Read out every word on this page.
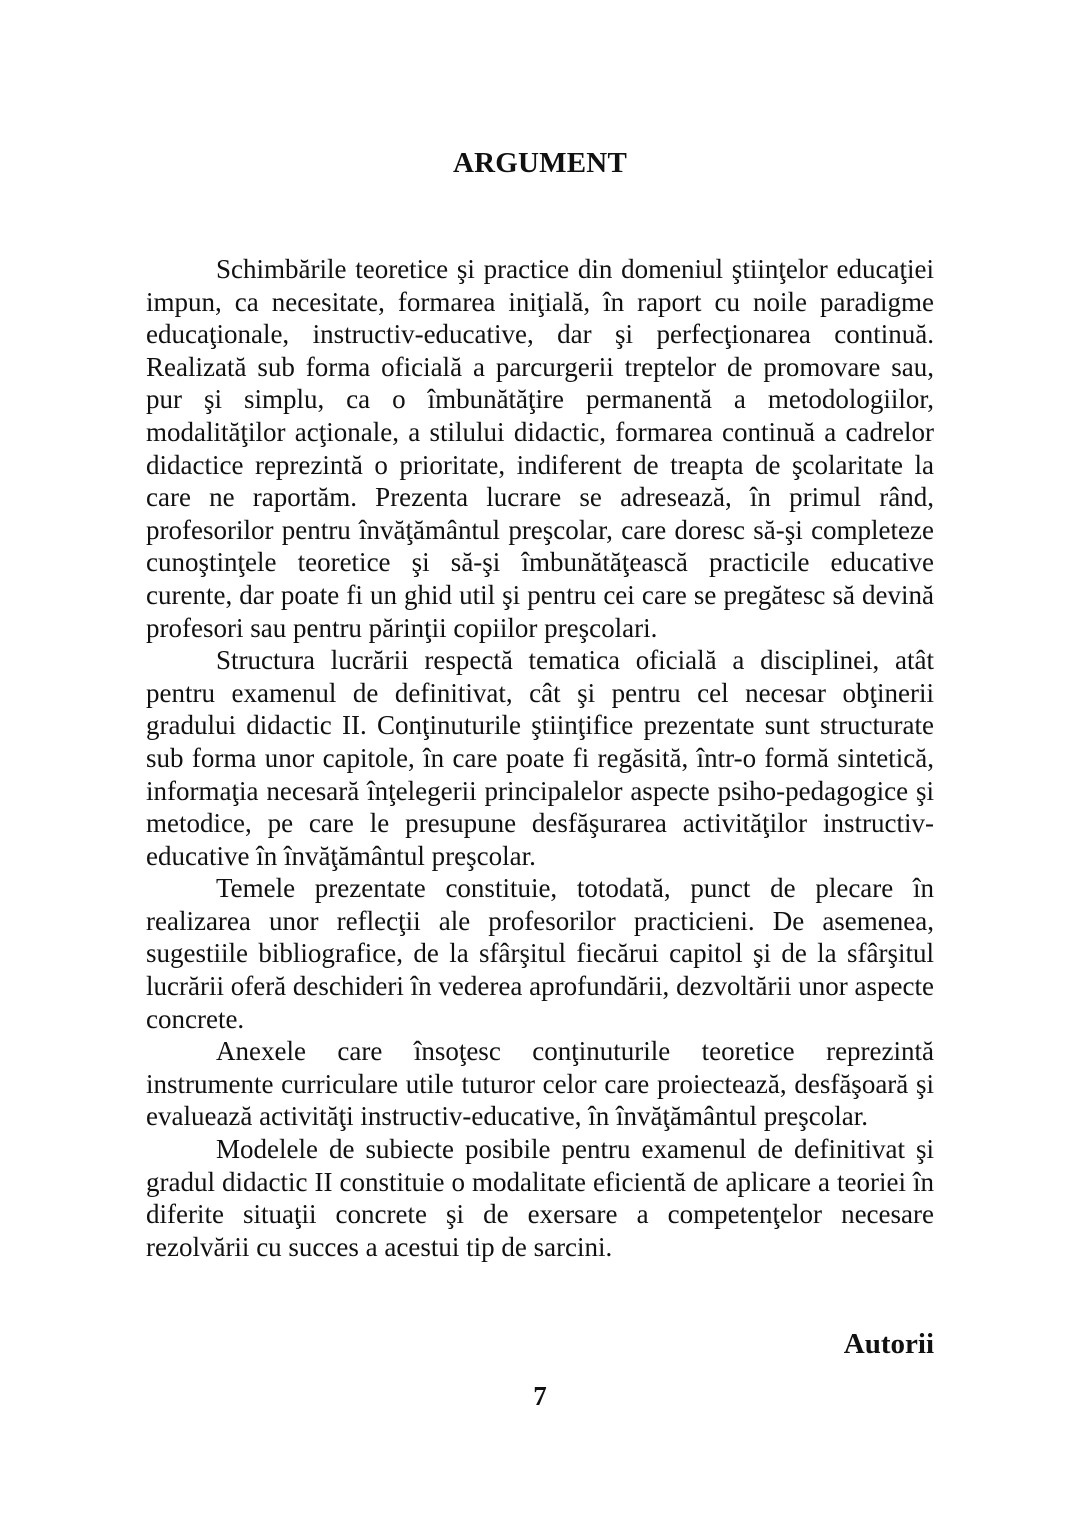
ARGUMENT

Schimbările teoretice şi practice din domeniul ştiinţelor educaţiei impun, ca necesitate, formarea iniţială, în raport cu noile paradigme educaţionale, instructiv-educative, dar şi perfecţionarea continuă. Realizată sub forma oficială a parcurgerii treptelor de promovare sau, pur şi simplu, ca o îmbunătăţire permanentă a metodologiilor, modalităţilor acţionale, a stilului didactic, formarea continuă a cadrelor didactice reprezintă o prioritate, indiferent de treapta de şcolaritate la care ne raportăm. Prezenta lucrare se adresează, în primul rând, profesorilor pentru învăţământul preşcolar, care doresc să-şi completeze cunoştinţele teoretice şi să-şi îmbunătăţească practicile educative curente, dar poate fi un ghid util şi pentru cei care se pregătesc să devină profesori sau pentru părinţii copiilor preşcolari.

Structura lucrării respectă tematica oficială a disciplinei, atât pentru examenul de definitivat, cât şi pentru cel necesar obţinerii gradului didactic II. Conţinuturile ştiinţifice prezentate sunt structurate sub forma unor capitole, în care poate fi regăsită, într-o formă sintetică, informaţia necesară înţelegerii principalelor aspecte psiho-pedagogice şi metodice, pe care le presupune desfăşurarea activităţilor instructiv-educative în învăţământul preşcolar.

Temele prezentate constituie, totodată, punct de plecare în realizarea unor reflecţii ale profesorilor practicieni. De asemenea, sugestiile bibliografice, de la sfârşitul fiecărui capitol şi de la sfârşitul lucrării oferă deschideri în vederea aprofundării, dezvoltării unor aspecte concrete.

Anexele care însoţesc conţinuturile teoretice reprezintă instrumente curriculare utile tuturor celor care proiectează, desfăşoară şi evaluează activităţi instructiv-educative, în învăţământul preşcolar.

Modelele de subiecte posibile pentru examenul de definitivat şi gradul didactic II constituie o modalitate eficientă de aplicare a teoriei în diferite situaţii concrete şi de exersare a competenţelor necesare rezolvării cu succes a acestui tip de sarcini.

Autorii
7
